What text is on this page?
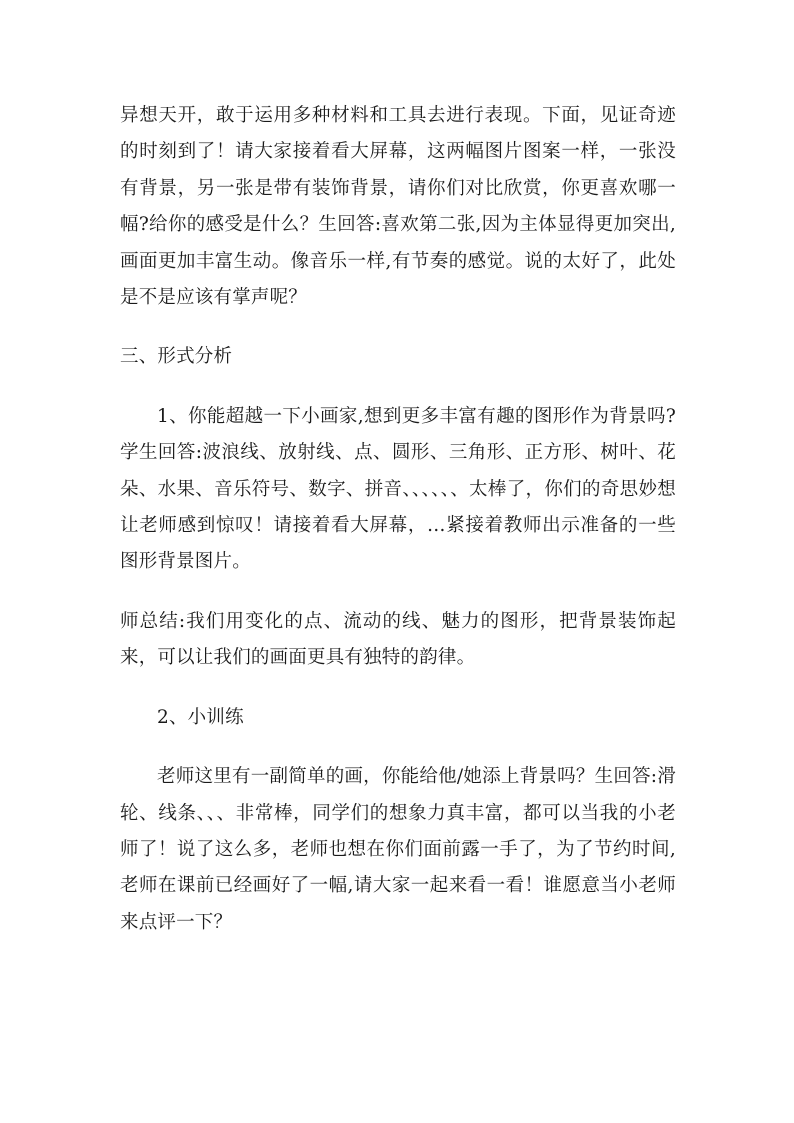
异想天开，敢于运用多种材料和工具去进行表现。下面，见证奇迹的时刻到了！请大家接着看大屏幕，这两幅图片图案一样，一张没有背景，另一张是带有装饰背景，请你们对比欣赏，你更喜欢哪一幅?给你的感受是什么？生回答:喜欢第二张,因为主体显得更加突出,画面更加丰富生动。像音乐一样,有节奏的感觉。说的太好了，此处是不是应该有掌声呢？

三、形式分析

1、你能超越一下小画家,想到更多丰富有趣的图形作为背景吗?学生回答:波浪线、放射线、点、圆形、三角形、正方形、树叶、花朵、水果、音乐符号、数字、拼音、、、、、、太棒了，你们的奇思妙想让老师感到惊叹！请接着看大屏幕，…紧接着教师出示准备的一些图形背景图片。

师总结:我们用变化的点、流动的线、魅力的图形，把背景装饰起来，可以让我们的画面更具有独特的韵律。

2、小训练

老师这里有一副简单的画，你能给他/她添上背景吗？生回答:滑轮、线条、、、非常棒，同学们的想象力真丰富，都可以当我的小老师了！说了这么多，老师也想在你们面前露一手了，为了节约时间,老师在课前已经画好了一幅,请大家一起来看一看！谁愿意当小老师来点评一下？
